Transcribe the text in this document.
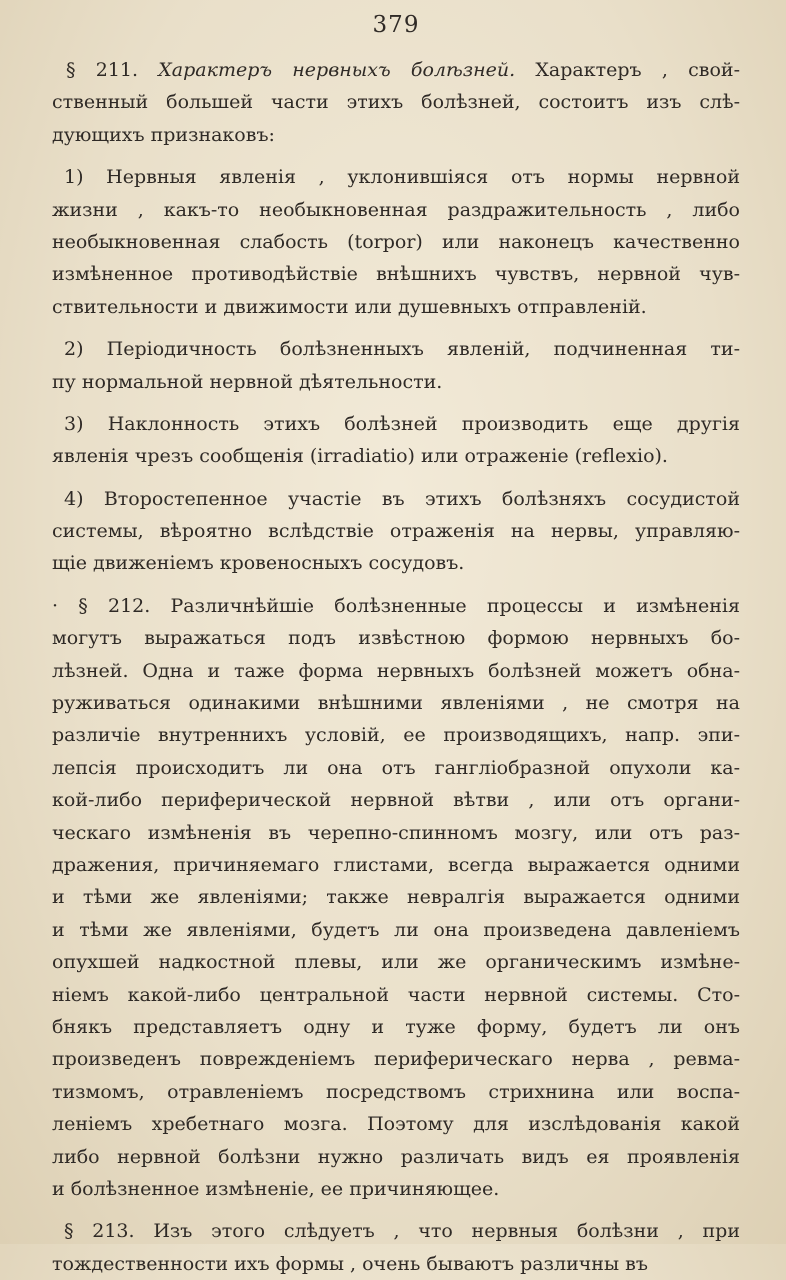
379
§ 211. Характеръ нервныхъ болѣзней. Характеръ , свой-
ственный большей части этихъ болѣзней, состоитъ изъ слѣ-
дующихъ признаковъ:
1) Нервныя явленія , уклонившіяся отъ нормы нервной
жизни , какъ-то необыкновенная раздражительность , либо
необыкновенная слабость (torpor) или наконецъ качественно
измѣненное противодѣйствіе внѣшнихъ чувствъ, нервной чув-
ствительности и движимости или душевныхъ отправленій.
2) Періодичность болѣзненныхъ явленій, подчиненная ти-
пу нормальной нервной дѣятельности.
3) Наклонность этихъ болѣзней производить еще другія
явленія чрезъ сообщенія (irradiatio) или отраженіе (reflexio).
4) Второстепенное участіе въ этихъ болѣзняхъ сосудистой
системы, вѣроятно вслѣдствіе отраженія на нервы, управляю-
щіе движеніемъ кровеносныхъ сосудовъ.
· § 212. Различнѣйшіе болѣзненные процессы и измѣненія
могутъ выражаться подъ извѣстною формою нервныхъ бо-
лѣзней. Одна и таже форма нервныхъ болѣзней можетъ обна-
руживаться одинакими внѣшними явленіями , не смотря на
различіе внутреннихъ условій, ее производящихъ, напр. эпи-
лепсія происходитъ ли она отъ ганглiобразной опухоли ка-
кой-либо периферической нервной вѣтви , или отъ органи-
ческаго измѣненія въ черепно-спинномъ мозгу, или отъ раз-
дражения, причиняемаго глистами, всегда выражается одними
и тѣми же явленіями; также невралгія выражается одними
и тѣми же явленіями, будетъ ли она произведена давленіемъ
опухшей надкостной плевы, или же органическимъ измѣне-
ніемъ какой-либо центральной части нервной системы. Сто-
бнякъ представляетъ одну и туже форму, будетъ ли онъ
произведенъ поврежденіемъ периферическаго нерва , ревма-
тизмомъ, отравленіемъ посредствомъ стрихнина или воспа-
леніемъ хребетнаго мозга. Поэтому для изслѣдованія какой
либо нервной болѣзни нужно различать видъ ея проявленія
и болѣзненное измѣненіе, ее причиняющее.
§ 213. Изъ этого слѣдуетъ , что нервныя болѣзни , при
тождественности ихъ формы , очень бываютъ различны въ
